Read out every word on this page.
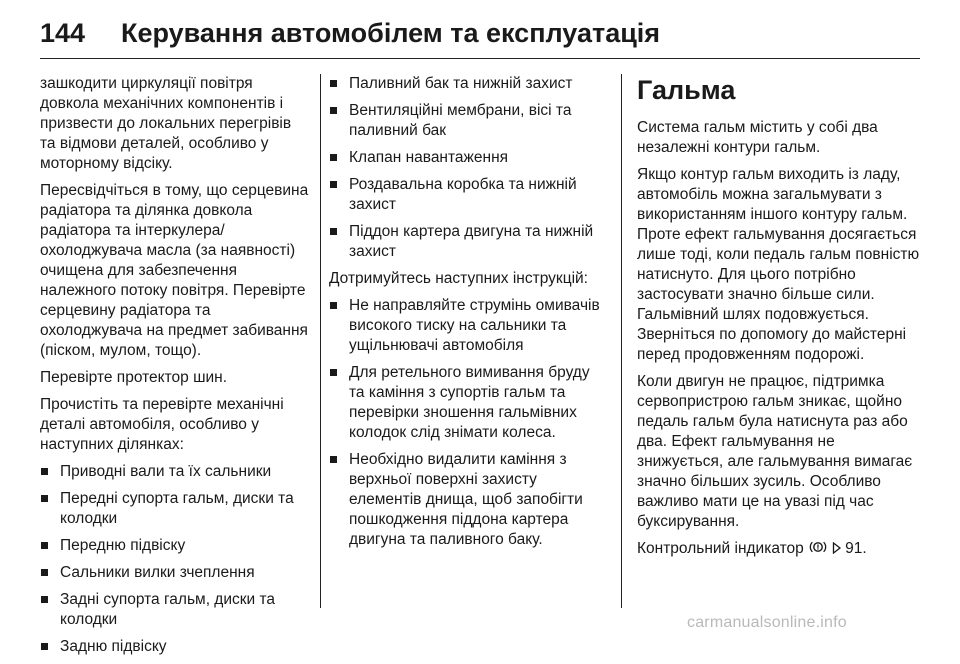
144 Керування автомобілем та експлуатація

зашкодити циркуляції повітря довкола механічних компонентів і призвести до локальних перегрівів та відмови деталей, особливо у моторному відсіку.

Пересвідчіться в тому, що серцевина радіатора та ділянка довкола радіатора та інтеркулера/охолоджувача масла (за наявності) очищена для забезпечення належного потоку повітря. Перевірте серцевину радіатора та охолоджувача на предмет забивання (піском, мулом, тощо).

Перевірте протектор шин.

Прочистіть та перевірте механічні деталі автомобіля, особливо у наступних ділянках:

Приводні вали та їх сальники
Передні супорта гальм, диски та колодки
Передню підвіску
Сальники вилки зчеплення
Задні супорта гальм, диски та колодки
Задню підвіску
Паливний бак та нижній захист
Вентиляційні мембрани, вісі та паливний бак
Клапан навантаження
Роздавальна коробка та нижній захист
Піддон картера двигуна та нижній захист

Дотримуйтесь наступних інструкцій:

Не направляйте струмінь омивачів високого тиску на сальники та ущільнювачі автомобіля
Для ретельного вимивання бруду та каміння з супортів гальм та перевірки зношення гальмівних колодок слід знімати колеса.
Необхідно видалити каміння з верхньої поверхні захисту елементів днища, щоб запобігти пошкодження піддона картера двигуна та паливного баку.
Гальма

Система гальм містить у собі два незалежні контури гальм.

Якщо контур гальм виходить із ладу, автомобіль можна загальмувати з використанням іншого контуру гальм. Проте ефект гальмування досягається лише тоді, коли педаль гальм повністю натиснуто. Для цього потрібно застосувати значно більше сили. Гальмівний шлях подовжується. Зверніться по допомогу до майстерні перед продовженням подорожі.

Коли двигун не працює, підтримка сервопристрою гальм зникає, щойно педаль гальм була натиснута раз або два. Ефект гальмування не знижується, але гальмування вимагає значно більших зусиль. Особливо важливо мати це на увазі під час буксирування.

Контрольний індикатор ! 91.

carmanualsonline.info
